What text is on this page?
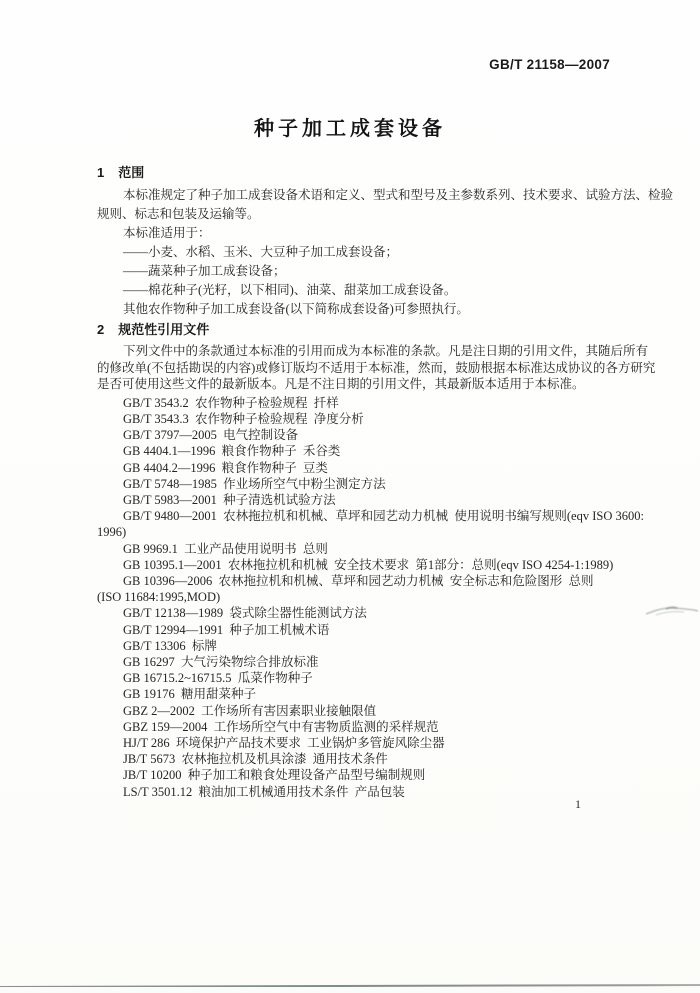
GB/T 21158—2007
种子加工成套设备
1 范围
本标准规定了种子加工成套设备术语和定义、型式和型号及主参数系列、技术要求、试验方法、检验
规则、标志和包装及运输等。
本标准适用于：
——小麦、水稻、玉米、大豆种子加工成套设备；
——蔬菜种子加工成套设备；
——棉花种子(光籽，以下相同)、油菜、甜菜加工成套设备。
其他农作物种子加工成套设备(以下简称成套设备)可参照执行。
2 规范性引用文件
下列文件中的条款通过本标准的引用而成为本标准的条款。凡是注日期的引用文件，其随后所有
的修改单(不包括勘误的内容)或修订版均不适用于本标准，然而，鼓励根据本标准达成协议的各方研究
是否可使用这些文件的最新版本。凡是不注日期的引用文件，其最新版本适用于本标准。
GB/T 3543.2  农作物种子检验规程  扦样
GB/T 3543.3  农作物种子检验规程  净度分析
GB/T 3797—2005  电气控制设备
GB 4404.1—1996  粮食作物种子  禾谷类
GB 4404.2—1996  粮食作物种子  豆类
GB/T 5748—1985  作业场所空气中粉尘测定方法
GB/T 5983—2001  种子清选机试验方法
GB/T 9480—2001  农林拖拉机和机械、草坪和园艺动力机械  使用说明书编写规则(eqv ISO 3600:
1996)
GB 9969.1  工业产品使用说明书  总则
GB 10395.1—2001  农林拖拉机和机械  安全技术要求  第1部分：总则(eqv ISO 4254-1:1989)
GB 10396—2006  农林拖拉机和机械、草坪和园艺动力机械  安全标志和危险图形  总则
(ISO 11684:1995,MOD)
GB/T 12138—1989  袋式除尘器性能测试方法
GB/T 12994—1991  种子加工机械术语
GB/T 13306  标牌
GB 16297  大气污染物综合排放标准
GB 16715.2~16715.5  瓜菜作物种子
GB 19176  糖用甜菜种子
GBZ 2—2002  工作场所有害因素职业接触限值
GBZ 159—2004  工作场所空气中有害物质监测的采样规范
HJ/T 286  环境保护产品技术要求  工业锅炉多管旋风除尘器
JB/T 5673  农林拖拉机及机具涂漆  通用技术条件
JB/T 10200  种子加工和粮食处理设备产品型号编制规则
LS/T 3501.12  粮油加工机械通用技术条件  产品包装
1
